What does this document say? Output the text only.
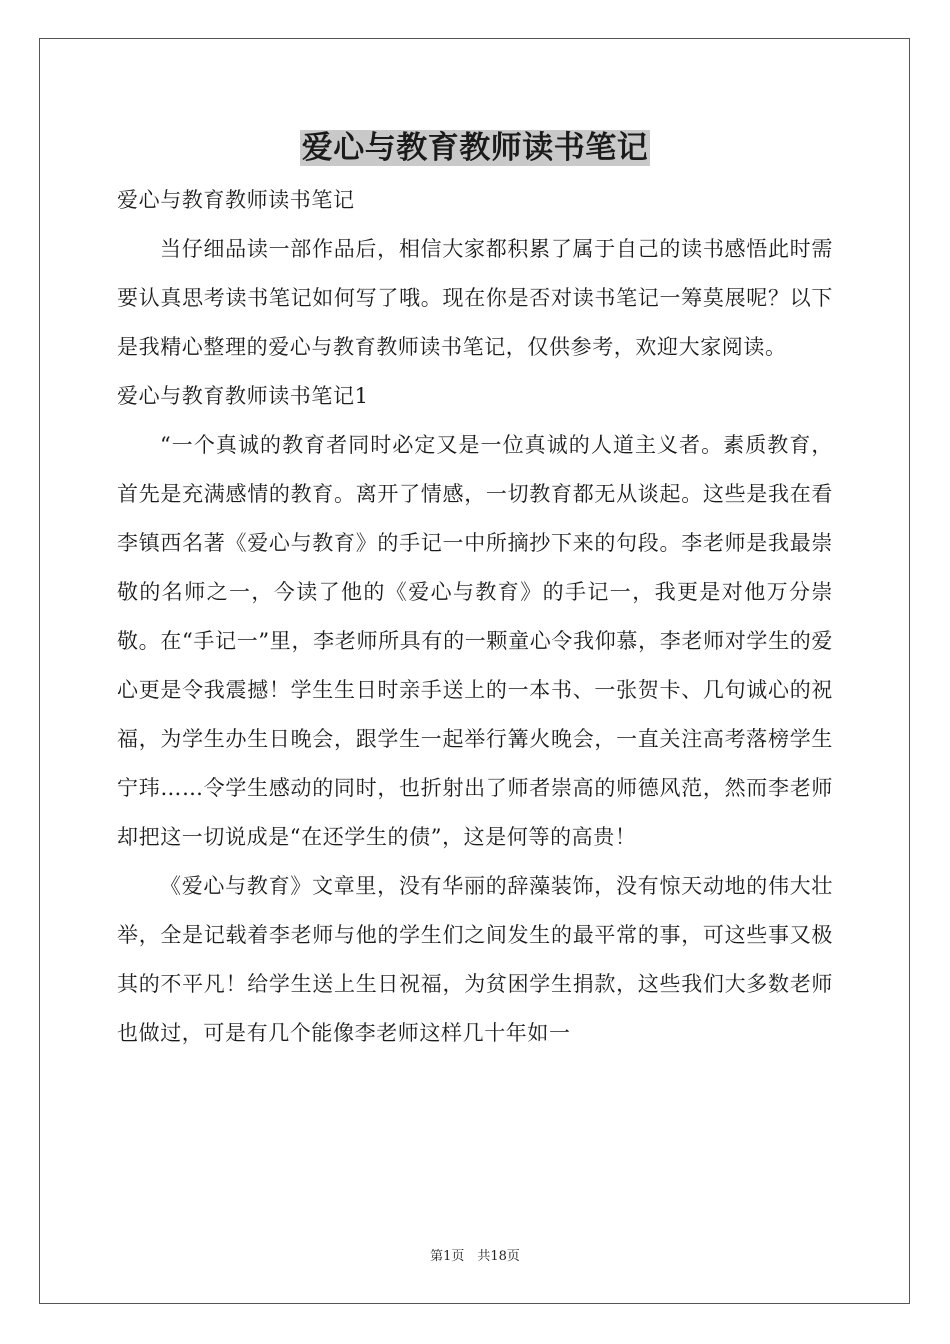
爱心与教育教师读书笔记

爱心与教育教师读书笔记

当仔细品读一部作品后，相信大家都积累了属于自己的读书感悟此时需要认真思考读书笔记如何写了哦。现在你是否对读书笔记一筹莫展呢？以下是我精心整理的爱心与教育教师读书笔记，仅供参考，欢迎大家阅读。

爱心与教育教师读书笔记1

“一个真诚的教育者同时必定又是一位真诚的人道主义者。素质教育，首先是充满感情的教育。离开了情感，一切教育都无从谈起。这些是我在看李镇西名著《爱心与教育》的手记一中所摘抄下来的句段。李老师是我最崇敬的名师之一，今读了他的《爱心与教育》的手记一，我更是对他万分崇敬。在“手记一”里，李老师所具有的一颗童心令我仰慕，李老师对学生的爱心更是令我震撼！学生生日时亲手送上的一本书、一张贺卡、几句诚心的祝福，为学生办生日晚会，跟学生一起举行篝火晚会，一直关注高考落榜学生宁玮……令学生感动的同时，也折射出了师者崇高的师德风范，然而李老师却把这一切说成是“在还学生的债”，这是何等的高贵！

《爱心与教育》文章里，没有华丽的辞藻装饰，没有惊天动地的伟大壮举，全是记载着李老师与他的学生们之间发生的最平常的事，可这些事又极其的不平凡！给学生送上生日祝福，为贫困学生捐款，这些我们大多数老师也做过，可是有几个能像李老师这样几十年如一

第1页　共18页
